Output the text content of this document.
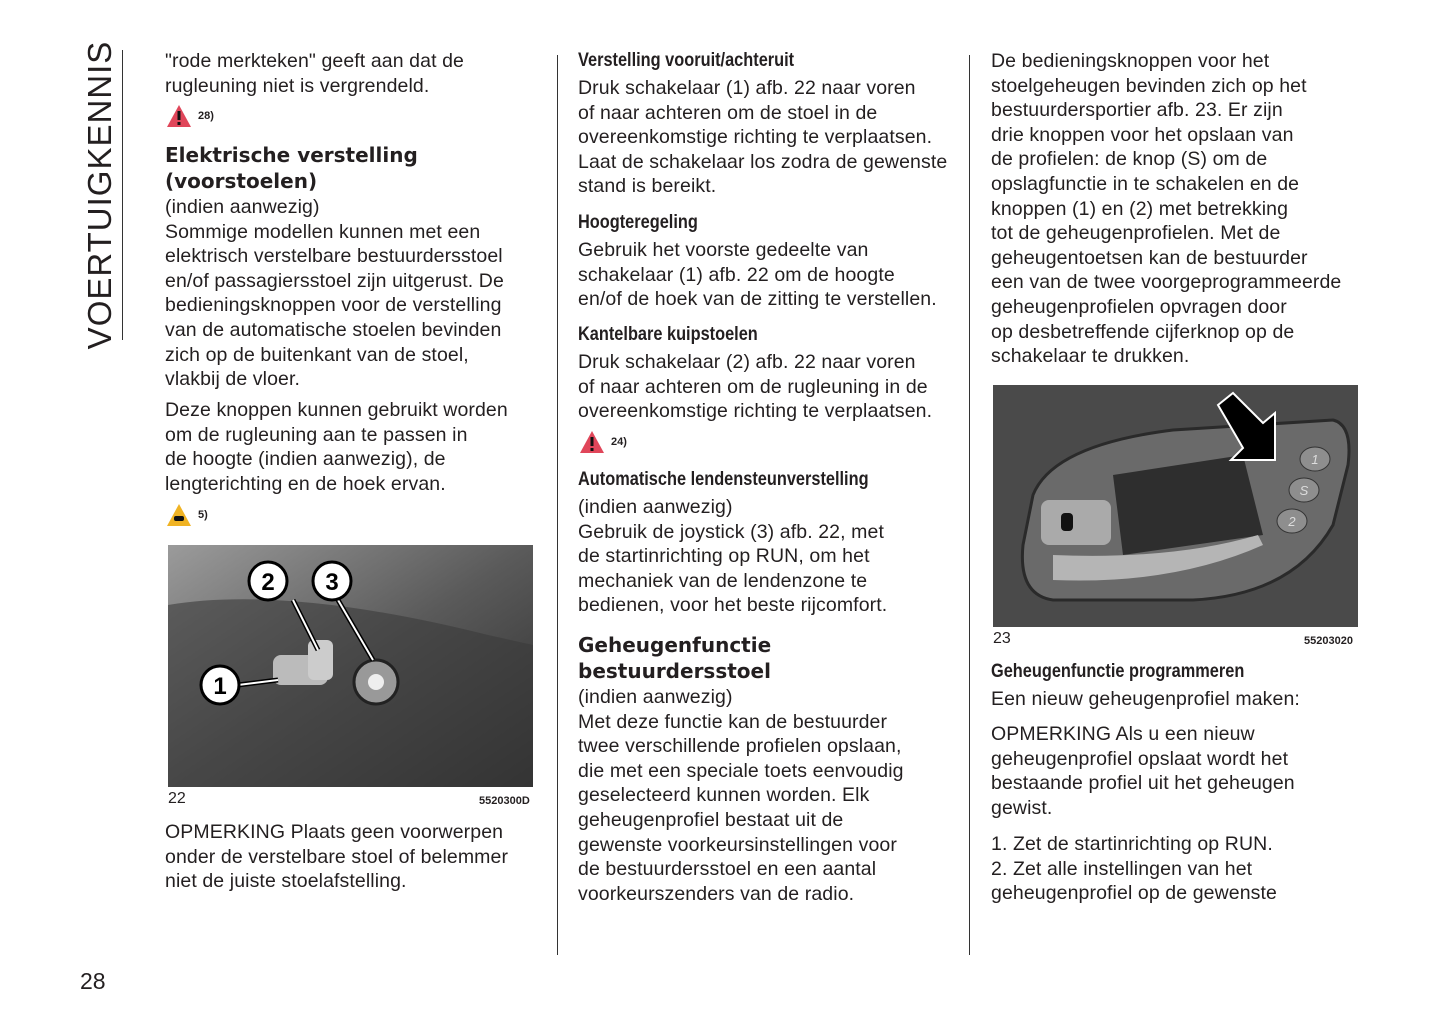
VOERTUIGKENNIS "rode merkteken" geeft aan dat de
rugleuning niet is vergrendeld.
28)
Elektrische verstelling
(voorstoelen)
(indien aanwezig)
Sommige modellen kunnen met een
elektrisch verstelbare bestuurdersstoel
en/of passagiersstoel zijn uitgerust. De
bedieningsknoppen voor de verstelling
van de automatische stoelen bevinden
zich op de buitenkant van de stoel,
vlakbij de vloer.
Deze knoppen kunnen gebruikt worden
om de rugleuning aan te passen in
de hoogte (indien aanwezig), de
lengterichting en de hoek ervan.
5)
2 3
1
22	5520300D
OPMERKING Plaats geen voorwerpen
onder de verstelbare stoel of belemmer
niet de juiste stoelafstelling.
Verstelling vooruit/achteruit
Druk schakelaar (1) afb. 22 naar voren
of naar achteren om de stoel in de
overeenkomstige richting te verplaatsen.
Laat de schakelaar los zodra de gewenste
stand is bereikt.
Hoogteregeling
Gebruik het voorste gedeelte van
schakelaar (1) afb. 22 om de hoogte
en/of de hoek van de zitting te verstellen.
Kantelbare kuipstoelen
Druk schakelaar (2) afb. 22 naar voren
of naar achteren om de rugleuning in de
overeenkomstige richting te verplaatsen.
24)
Automatische lendensteunverstelling
(indien aanwezig)
Gebruik de joystick (3) afb. 22, met
de startinrichting op RUN, om het
mechaniek van de lendenzone te
bedienen, voor het beste rijcomfort.
Geheugenfunctie
bestuurdersstoel
(indien aanwezig)
Met deze functie kan de bestuurder
twee verschillende profielen opslaan,
die met een speciale toets eenvoudig
geselecteerd kunnen worden. Elk
geheugenprofiel bestaat uit de
gewenste voorkeursinstellingen voor
de bestuurdersstoel en een aantal
voorkeurszenders van de radio.
De bedieningsknoppen voor het
stoelgeheugen bevinden zich op het
bestuurdersportier afb. 23. Er zijn
drie knoppen voor het opslaan van
de profielen: de knop (S) om de
opslagfunctie in te schakelen en de
knoppen (1) en (2) met betrekking
tot de geheugenprofielen. Met de
geheugentoetsen kan de bestuurder
een van de twee voorgeprogrammeerde
geheugenprofielen opvragen door
op desbetreffende cijferknop op de
schakelaar te drukken.
1
S
2
23	55203020
Geheugenfunctie programmeren
Een nieuw geheugenprofiel maken:
OPMERKING Als u een nieuw
geheugenprofiel opslaat wordt het
bestaande profiel uit het geheugen
gewist.
1. Zet de startinrichting op RUN.
2. Zet alle instellingen van het
geheugenprofiel op de gewenste
28
